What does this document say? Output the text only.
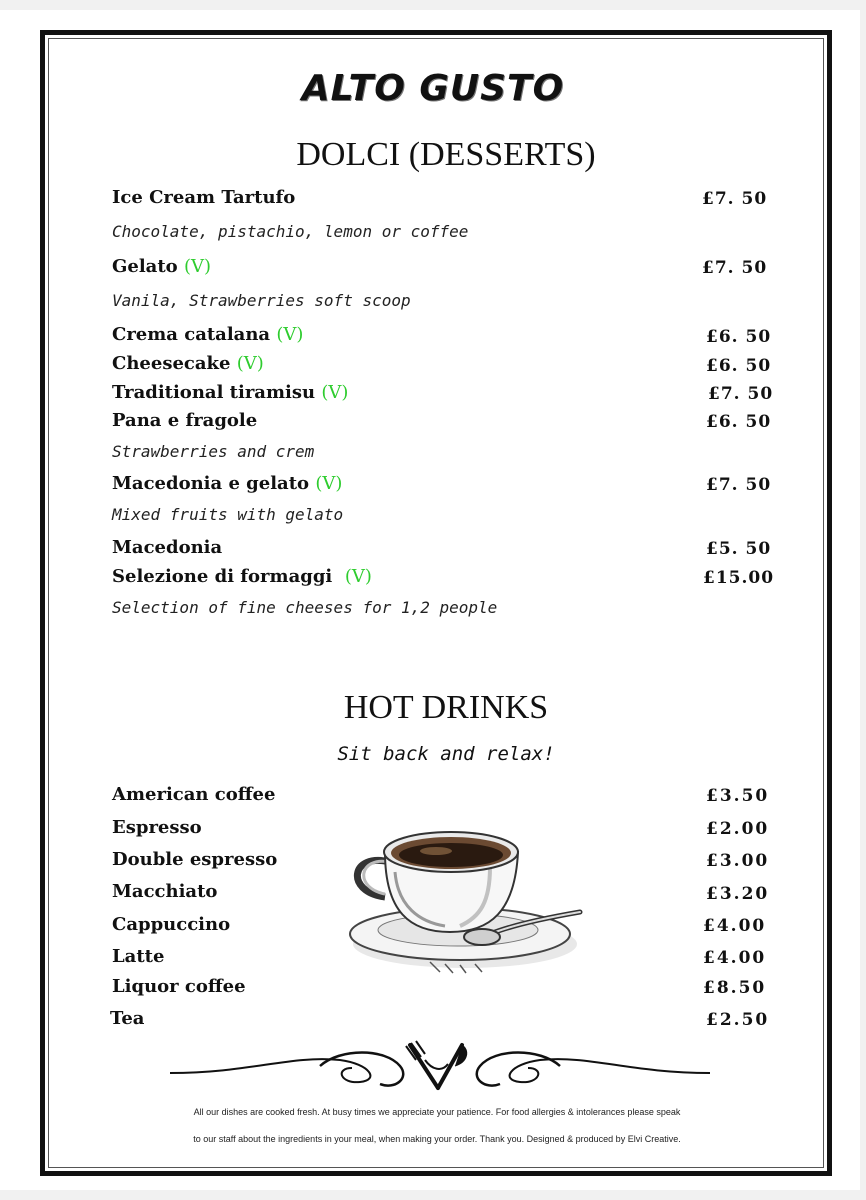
ALTO GUSTO
DOLCI (DESSERTS)
Ice Cream Tartufo	£7. 50
Chocolate, pistachio, lemon or coffee
Gelato (V)	£7. 50
Vanila, Strawberries soft scoop
Crema catalana (V)	£6. 50
Cheesecake (V)	£6. 50
Traditional tiramisu (V)	£7. 50
Pana e fragole	£6. 50
Strawberries and crem
Macedonia e gelato (V)	£7. 50
Mixed fruits with gelato
Macedonia	£5. 50
Selezione di formaggi (V)	£15.00
Selection of fine cheeses for 1,2 people
HOT DRINKS
Sit back and relax!
American coffee	£3.50
Espresso	£2.00
Double espresso	£3.00
Macchiato	£3.20
Cappuccino	£4.00
Latte	£4.00
Liquor coffee	£8.50
Tea	£2.50
All our dishes are cooked fresh. At busy times we appreciate your patience. For food allergies & intolerances please speak
to our staff about the ingredients in your meal, when making your order. Thank you. Designed & produced by Elvi Creative.
